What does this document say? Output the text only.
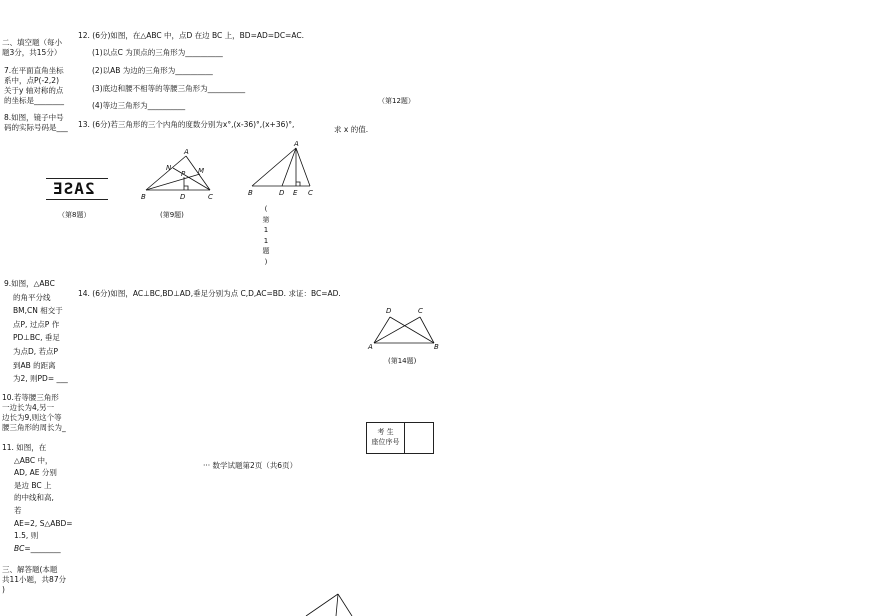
二、填空题（每小
题3分，共15分）
7.在平面直角坐标
系中，点P(-2,2)
关于y 轴对称的点
的坐标是________
8.如图，镜子中号
码的实际号码是___
2ASE
（第8题）
9.如图，△ABC
的角平分线
BM,CN 相交于
点P, 过点P 作
PD⊥BC, 垂足
为点D, 若点P
到AB 的距离
为2, 则PD= ___
10.若等腰三角形
一边长为4,另一
边长为9,则这个等
腰三角形的周长为_
11. 如图，在
△ABC 中，
AD, AE 分别
是边 BC 上
的中线和高,
若
AE=2, S△ABD=
1.5, 则
BC=________
三、解答题(本题
共11小题，共87分
)
12. (6分)如图，在△ABC 中，点D 在边 BC 上，BD=AD=DC=AC.
(1)以点C 为顶点的三角形为__________
(2)以AB 为边的三角形为__________
(3)底边和腰不相等的等腰三角形为__________
(4)等边三角形为__________	（第12题）
13. (6分)若三角形的三个内角的度数分别为x°,(x-36)°,(x+36)°,
求 x 的值.
A
N	M
P
B	D	C
(第9题)
A
B	D E C
(
第
1
1
题
)
14. (6分)如图，AC⊥BC,BD⊥AD,垂足分别为点 C,D,AC=BD. 求证：BC=AD.
D	C
A	B
(第14题)
考 生
座位序号
··· 数学试题第2页（共6页）
